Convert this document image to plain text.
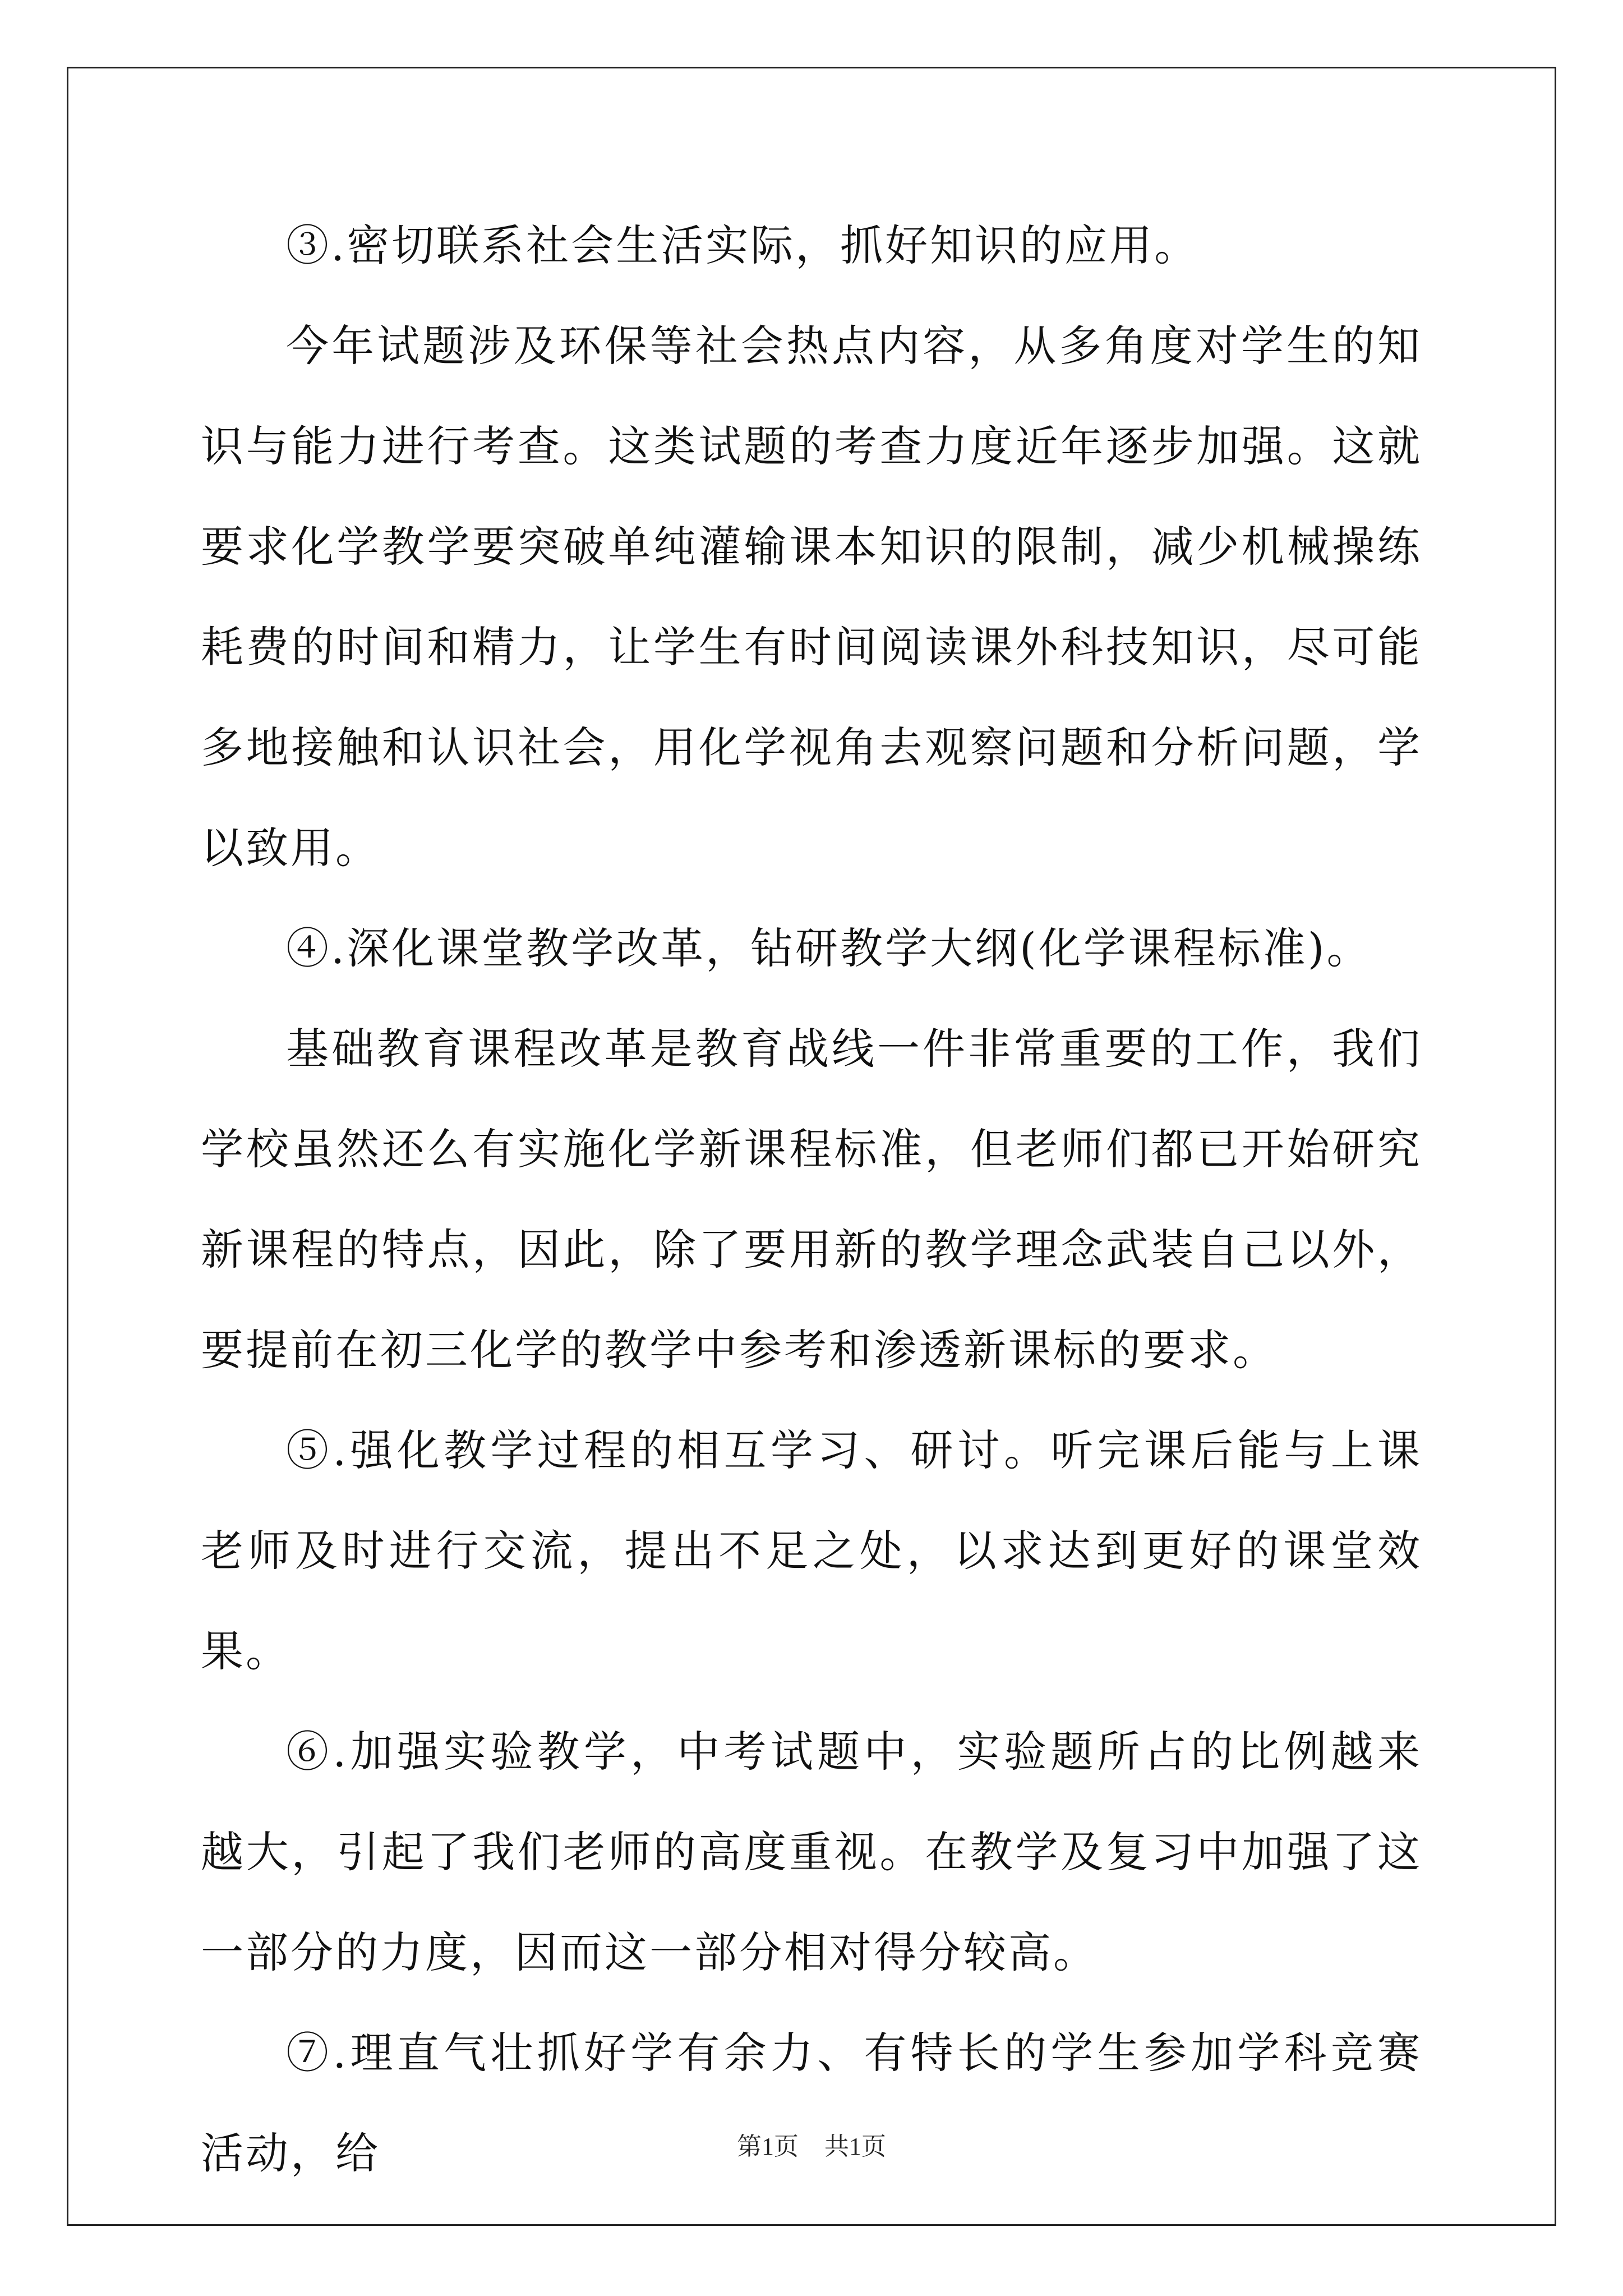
③.密切联系社会生活实际，抓好知识的应用。

今年试题涉及环保等社会热点内容，从多角度对学生的知识与能力进行考查。这类试题的考查力度近年逐步加强。这就要求化学教学要突破单纯灌输课本知识的限制，减少机械操练耗费的时间和精力，让学生有时间阅读课外科技知识，尽可能多地接触和认识社会，用化学视角去观察问题和分析问题，学以致用。

④.深化课堂教学改革，钻研教学大纲(化学课程标准)。

基础教育课程改革是教育战线一件非常重要的工作，我们学校虽然还么有实施化学新课程标准，但老师们都已开始研究新课程的特点，因此，除了要用新的教学理念武装自己以外，要提前在初三化学的教学中参考和渗透新课标的要求。

⑤.强化教学过程的相互学习、研讨。听完课后能与上课老师及时进行交流，提出不足之处，以求达到更好的课堂效果。

⑥.加强实验教学，中考试题中，实验题所占的比例越来越大，引起了我们老师的高度重视。在教学及复习中加强了这一部分的力度，因而这一部分相对得分较高。

⑦.理直气壮抓好学有余力、有特长的学生参加学科竞赛活动，给	第1页 共1页
